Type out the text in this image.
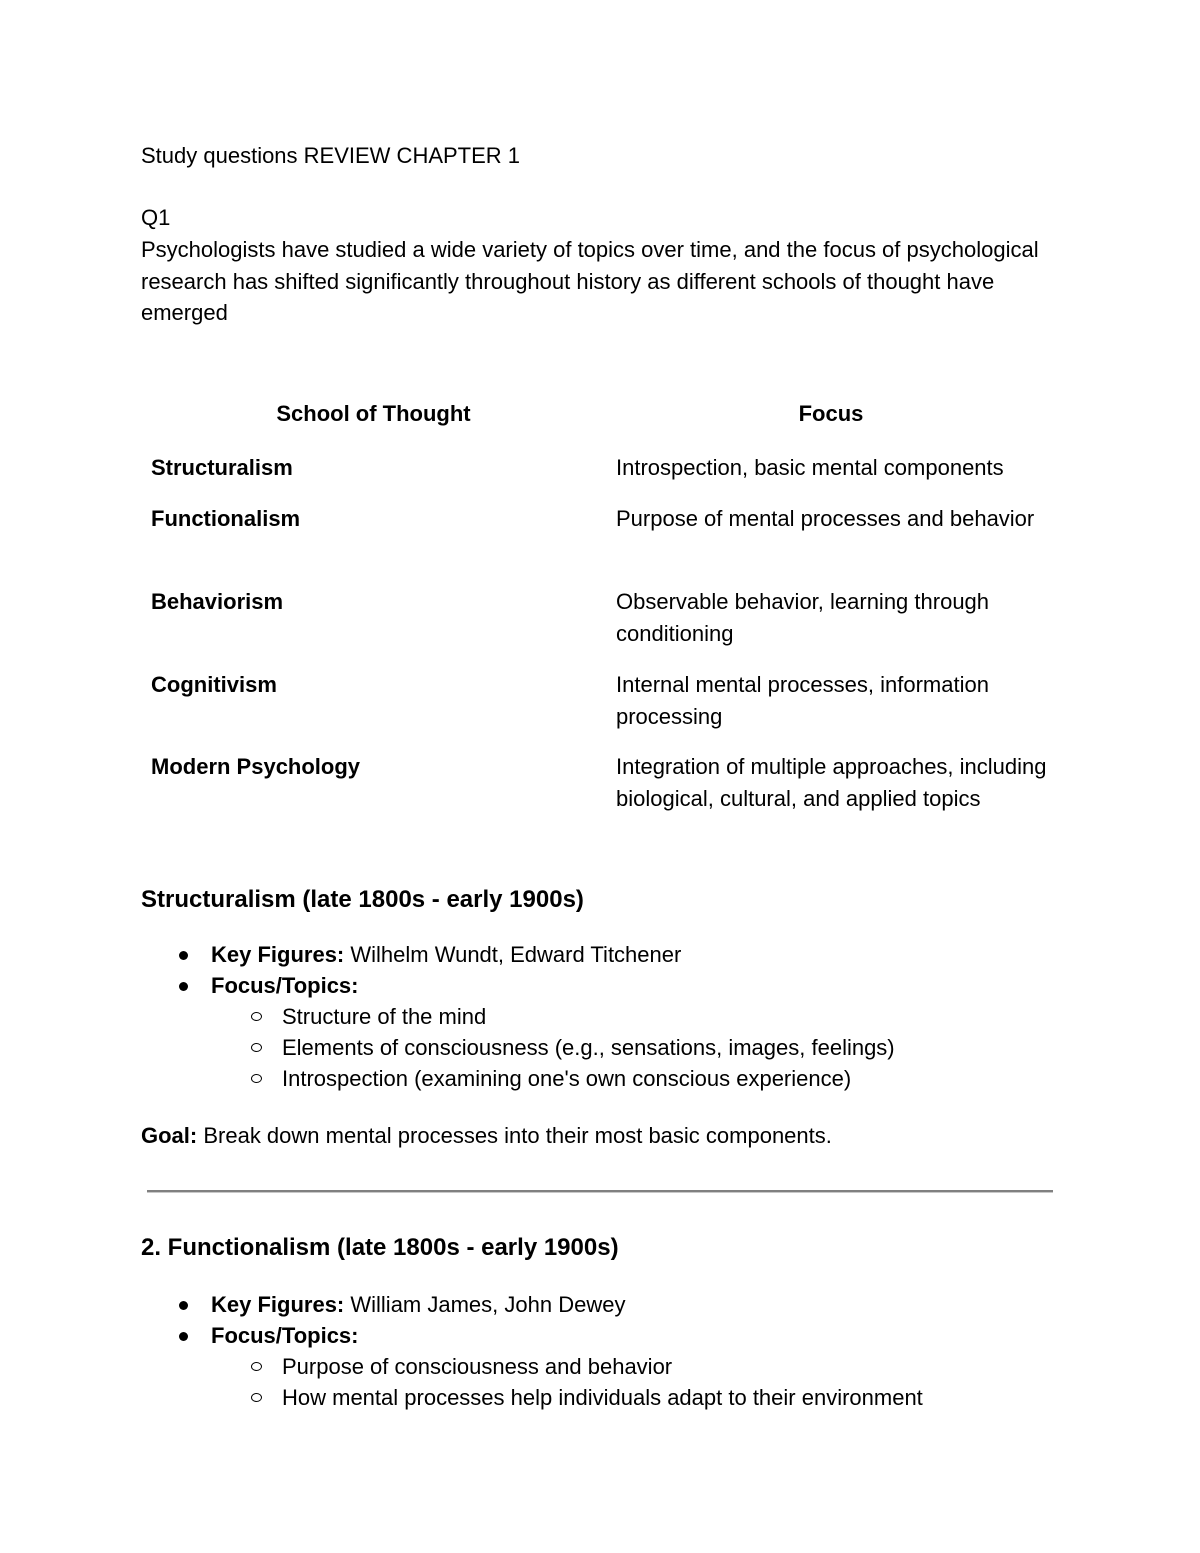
Study questions REVIEW CHAPTER 1
Q1
Psychologists have studied a wide variety of topics over time, and the focus of psychological research has shifted significantly throughout history as different schools of thought have emerged
School of Thought	Focus
Structuralism	Introspection, basic mental components
Functionalism	Purpose of mental processes and behavior
Behaviorism	Observable behavior, learning through conditioning
Cognitivism	Internal mental processes, information processing
Modern Psychology	Integration of multiple approaches, including biological, cultural, and applied topics
Structuralism (late 1800s - early 1900s)
Key Figures: Wilhelm Wundt, Edward Titchener
Focus/Topics:
Structure of the mind
Elements of consciousness (e.g., sensations, images, feelings)
Introspection (examining one's own conscious experience)
Goal: Break down mental processes into their most basic components.
2. Functionalism (late 1800s - early 1900s)
Key Figures: William James, John Dewey
Focus/Topics:
Purpose of consciousness and behavior
How mental processes help individuals adapt to their environment
